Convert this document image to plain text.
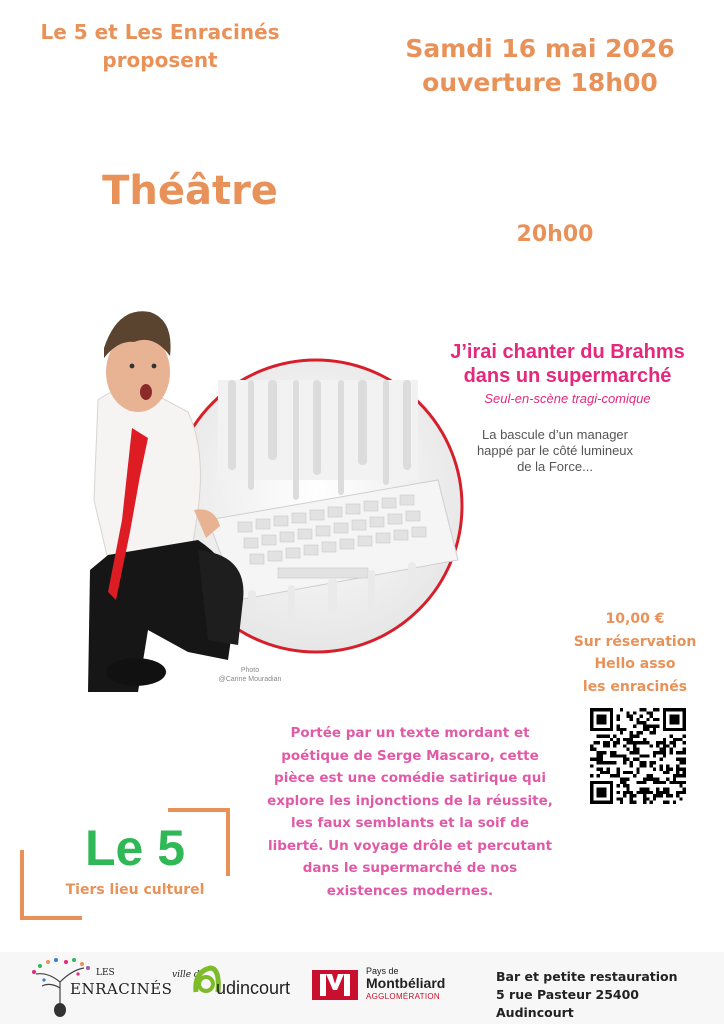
Le 5 et Les Enracinés
proposent	Samdi 16 mai 2026
ouverture 18h00
Théâtre
20h00
J’irai chanter du Brahms
dans un supermarché
Seul-en-scène tragi-comique
La bascule d’un manager
happé par le côté lumineux
de la Force...
Photo
@Carine Mouradian
10,00 €
Sur réservation
Hello asso
les enracinés
Portée par un texte mordant et
poétique de Serge Mascaro, cette
pièce est une comédie satirique qui
explore les injonctions de la réussite,
les faux semblants et la soif de
liberté. Un voyage drôle et percutant
dans le supermarché de nos
existences modernes.
Le 5
Tiers lieu culturel
LES
ENRACINÉS
ville d’
udincourt
Pays de
Montbéliard
AGGLOMÉRATION
Bar et petite restauration
5 rue Pasteur 25400 Audincourt
